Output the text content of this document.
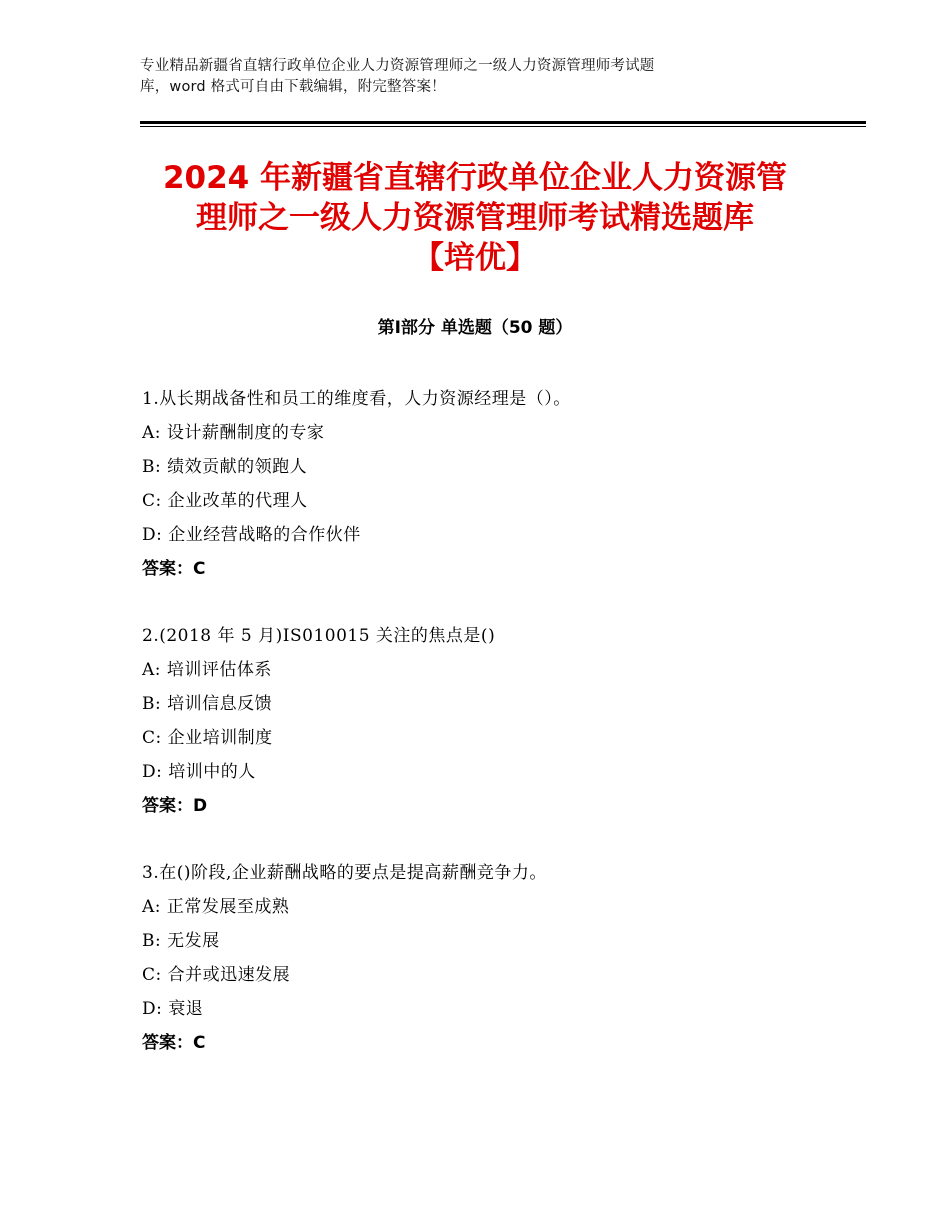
专业精品新疆省直辖行政单位企业人力资源管理师之一级人力资源管理师考试题
库，word 格式可自由下载编辑，附完整答案！
2024 年新疆省直辖行政单位企业人力资源管
理师之一级人力资源管理师考试精选题库
【培优】
第Ⅰ部分 单选题（50 题）
1.从长期战备性和员工的维度看，人力资源经理是（）。
A: 设计薪酬制度的专家
B: 绩效贡献的领跑人
C: 企业改革的代理人
D: 企业经营战略的合作伙伴
答案：C
2.(2018 年 5 月)IS010015 关注的焦点是()
A: 培训评估体系
B: 培训信息反馈
C: 企业培训制度
D: 培训中的人
答案：D
3.在()阶段,企业薪酬战略的要点是提高薪酬竞争力。
A: 正常发展至成熟
B: 无发展
C: 合并或迅速发展
D: 衰退
答案：C
